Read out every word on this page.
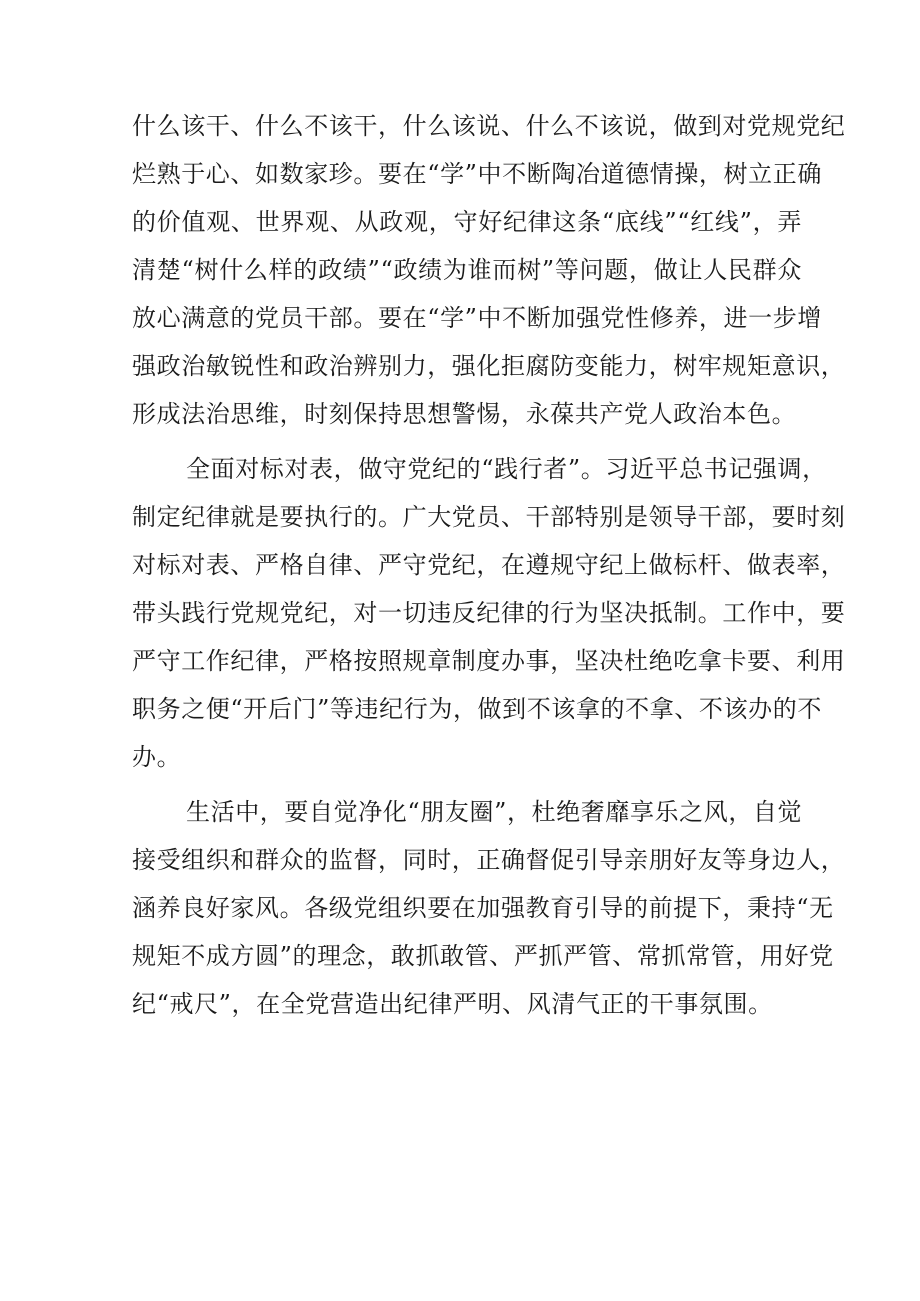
什么该干、什么不该干，什么该说、什么不该说，做到对党规党纪
烂熟于心、如数家珍。要在“学”中不断陶冶道德情操，树立正确
的价值观、世界观、从政观，守好纪律这条“底线”“红线”，弄
清楚“树什么样的政绩”“政绩为谁而树”等问题，做让人民群众
放心满意的党员干部。要在“学”中不断加强党性修养，进一步增
强政治敏锐性和政治辨别力，强化拒腐防变能力，树牢规矩意识，
形成法治思维，时刻保持思想警惕，永葆共产党人政治本色。
全面对标对表，做守党纪的“践行者”。习近平总书记强调，
制定纪律就是要执行的。广大党员、干部特别是领导干部，要时刻
对标对表、严格自律、严守党纪，在遵规守纪上做标杆、做表率，
带头践行党规党纪，对一切违反纪律的行为坚决抵制。工作中，要
严守工作纪律，严格按照规章制度办事，坚决杜绝吃拿卡要、利用
职务之便“开后门”等违纪行为，做到不该拿的不拿、不该办的不
办。
生活中，要自觉净化“朋友圈”，杜绝奢靡享乐之风，自觉
接受组织和群众的监督，同时，正确督促引导亲朋好友等身边人，
涵养良好家风。各级党组织要在加强教育引导的前提下，秉持“无
规矩不成方圆”的理念，敢抓敢管、严抓严管、常抓常管，用好党
纪“戒尺”，在全党营造出纪律严明、风清气正的干事氛围。
